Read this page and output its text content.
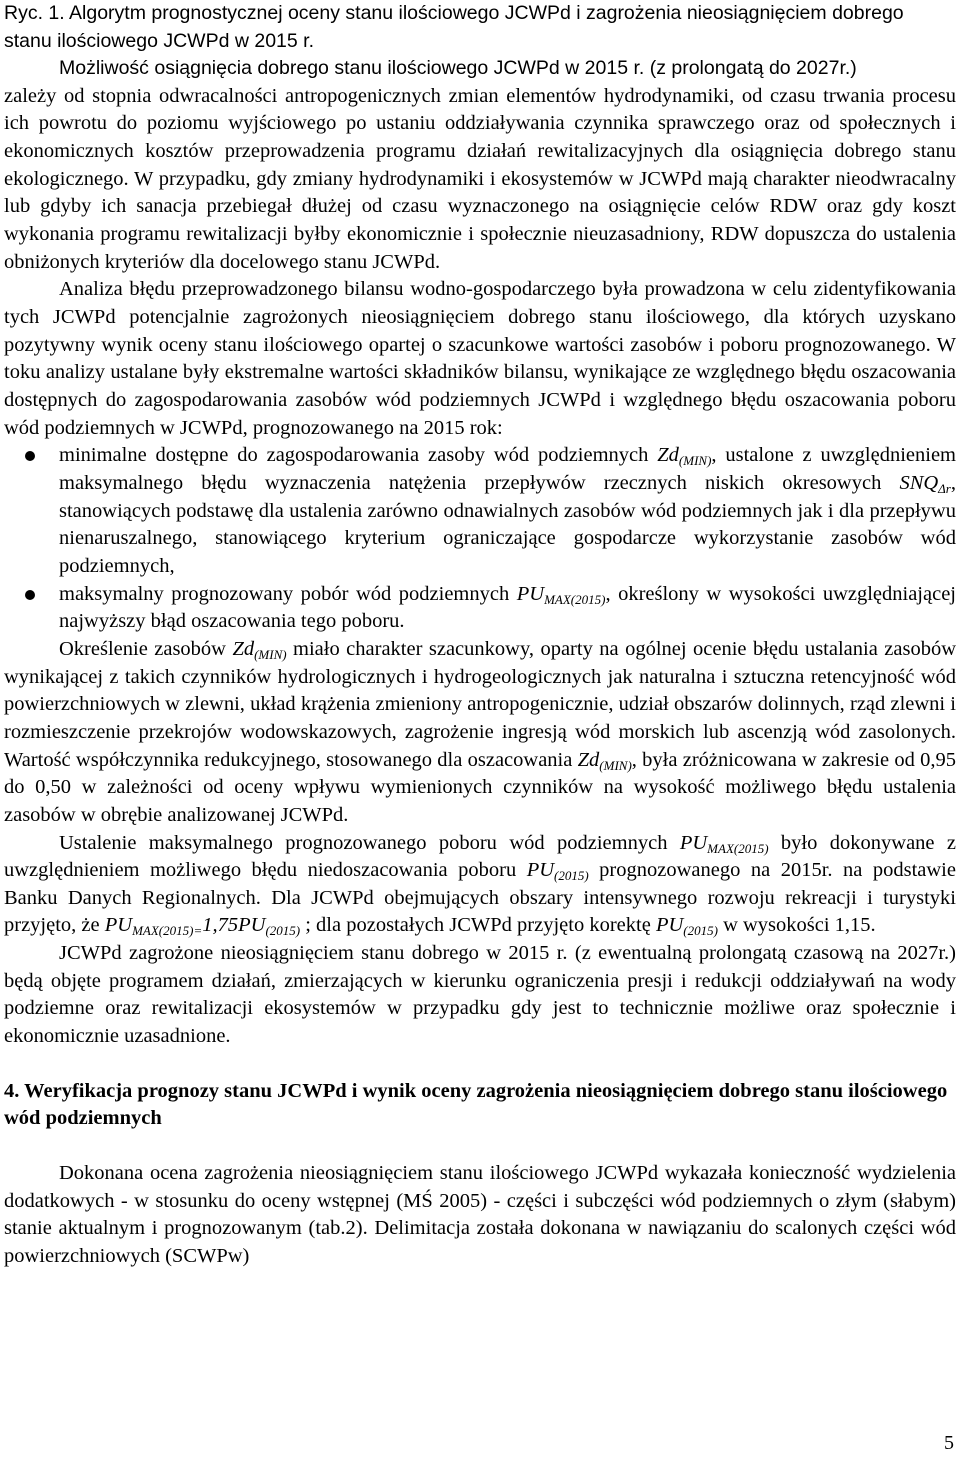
Ryc. 1. Algorytm prognostycznej oceny stanu ilościowego JCWPd i zagrożenia nieosiągnięciem dobrego stanu ilościowego JCWPd w 2015 r.

Możliwość osiągnięcia dobrego stanu ilościowego JCWPd w 2015 r. (z prolongatą do 2027r.)

zależy od stopnia odwracalności antropogenicznych zmian elementów hydrodynamiki, od czasu trwania procesu ich powrotu do poziomu wyjściowego po ustaniu oddziaływania czynnika sprawczego oraz od społecznych i ekonomicznych kosztów przeprowadzenia programu działań rewitalizacyjnych dla osiągnięcia dobrego stanu ekologicznego. W przypadku, gdy zmiany hydrodynamiki i ekosystemów w JCWPd mają charakter nieodwracalny lub gdyby ich sanacja przebiegał dłużej od czasu wyznaczonego na osiągnięcie celów RDW oraz gdy koszt wykonania programu rewitalizacji byłby ekonomicznie i społecznie nieuzasadniony, RDW dopuszcza do ustalenia obniżonych kryteriów dla docelowego stanu JCWPd.

Analiza błędu przeprowadzonego bilansu wodno-gospodarczego była prowadzona w celu zidentyfikowania tych JCWPd potencjalnie zagrożonych nieosiągnięciem dobrego stanu ilościowego, dla których uzyskano pozytywny wynik oceny stanu ilościowego opartej o szacunkowe wartości zasobów i poboru prognozowanego. W toku analizy ustalane były ekstremalne wartości składników bilansu, wynikające ze względnego błędu oszacowania dostępnych do zagospodarowania zasobów wód podziemnych JCWPd i względnego błędu oszacowania poboru wód podziemnych w JCWPd, prognozowanego na 2015 rok:

minimalne dostępne do zagospodarowania zasoby wód podziemnych $Zd_{(MIN)}$, ustalone z uwzględnieniem maksymalnego błędu wyznaczenia natężenia przepływów rzecznych niskich okresowych $SNQ_{\Delta r}$, stanowiących podstawę dla ustalenia zarówno odnawialnych zasobów wód podziemnych jak i dla przepływu nienaruszalnego, stanowiącego kryterium ograniczające gospodarcze wykorzystanie zasobów wód podziemnych,
maksymalny prognozowany pobór wód podziemnych $PU_{MAX(2015)}$, określony w wysokości uwzględniającej najwyższy błąd oszacowania tego poboru.

Określenie zasobów $Zd_{(MIN)}$ miało charakter szacunkowy, oparty na ogólnej ocenie błędu ustalania zasobów wynikającej z takich czynników hydrologicznych i hydrogeologicznych jak naturalna i sztuczna retencyjność wód powierzchniowych w zlewni, układ krążenia zmieniony antropogenicznie, udział obszarów dolinnych, rząd zlewni i rozmieszczenie przekrojów wodowskazowych, zagrożenie ingresją wód morskich lub ascenzją wód zasolonych. Wartość współczynnika redukcyjnego, stosowanego dla oszacowania $Zd_{(MIN)}$, była zróżnicowana w zakresie od 0,95 do 0,50 w zależności od oceny wpływu wymienionych czynników na wysokość możliwego błędu ustalenia zasobów w obrębie analizowanej JCWPd.

Ustalenie maksymalnego prognozowanego poboru wód podziemnych $PU_{MAX(2015)}$ było dokonywane z uwzględnieniem możliwego błędu niedoszacowania poboru $PU_{(2015)}$ prognozowanego na 2015r. na podstawie Banku Danych Regionalnych. Dla JCWPd obejmujących obszary intensywnego rozwoju rekreacji i turystyki przyjęto, że $PU_{MAX(2015)=}1,75PU_{(2015)}$ ; dla pozostałych JCWPd przyjęto korektę $PU_{(2015)}$ w wysokości 1,15.

JCWPd zagrożone nieosiągnięciem stanu dobrego w 2015 r. (z ewentualną prolongatą czasową na 2027r.) będą objęte programem działań, zmierzających w kierunku ograniczenia presji i redukcji oddziaływań na wody podziemne oraz rewitalizacji ekosystemów w przypadku gdy jest to technicznie możliwe oraz społecznie i ekonomicznie uzasadnione.

4. Weryfikacja prognozy stanu JCWPd i wynik oceny zagrożenia nieosiągnięciem dobrego stanu ilościowego wód podziemnych

Dokonana ocena zagrożenia nieosiągnięciem stanu ilościowego JCWPd wykazała konieczność wydzielenia dodatkowych - w stosunku do oceny wstępnej (MŚ 2005) - części i subczęści wód podziemnych o złym (słabym) stanie aktualnym i prognozowanym (tab.2). Delimitacja została dokonana w nawiązaniu do scalonych części wód powierzchniowych (SCWPw)

5
